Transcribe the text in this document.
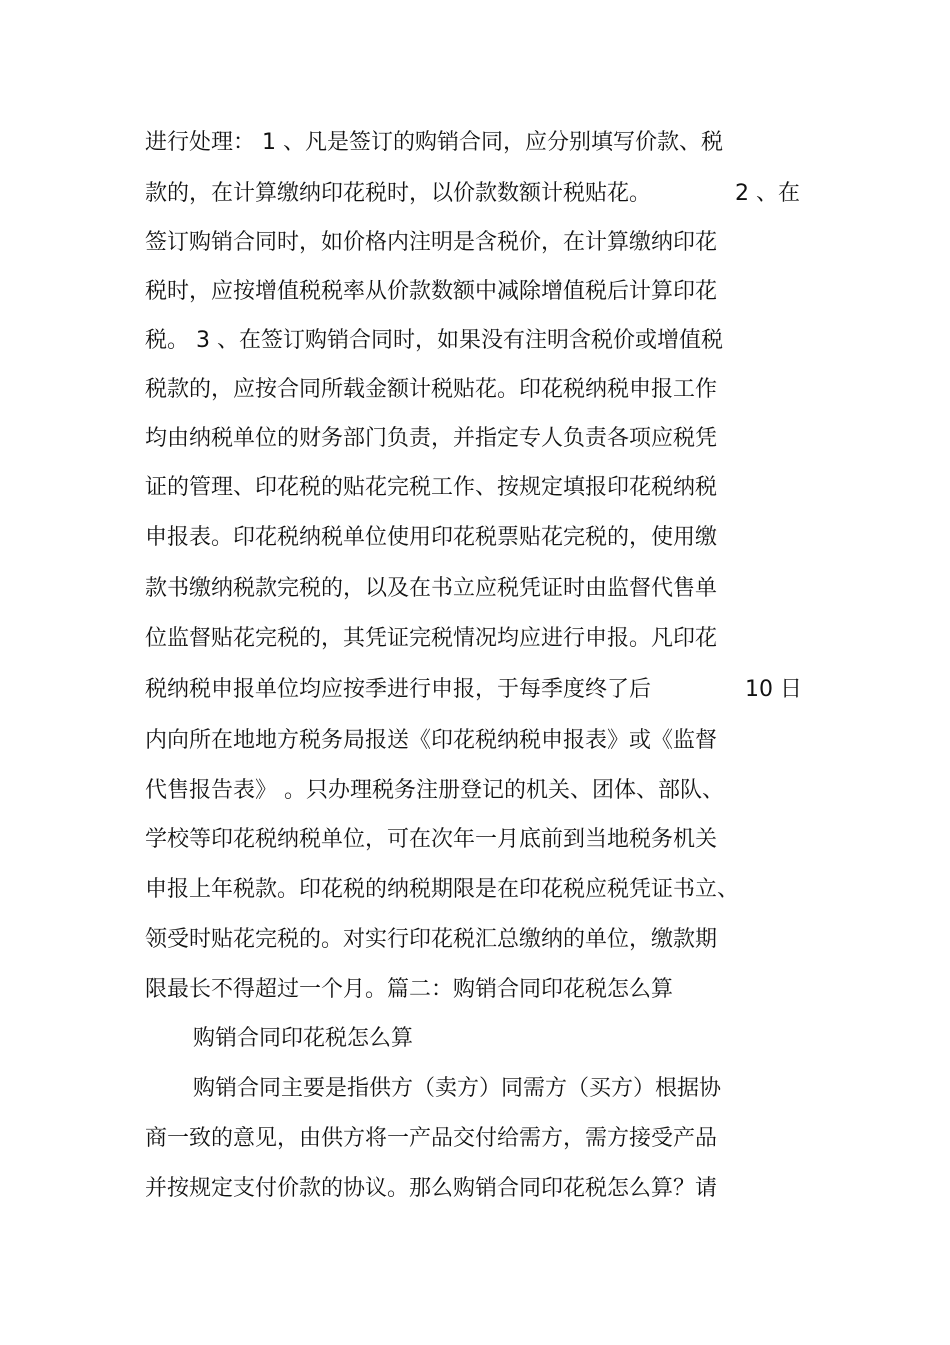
进行处理： 1 、凡是签订的购销合同，应分别填写价款、税
款的，在计算缴纳印花税时，以价款数额计税贴花。	2 、在
签订购销合同时，如价格内注明是含税价，在计算缴纳印花
税时，应按增值税税率从价款数额中减除增值税后计算印花
税。 3 、在签订购销合同时，如果没有注明含税价或增值税
税款的，应按合同所载金额计税贴花。印花税纳税申报工作
均由纳税单位的财务部门负责，并指定专人负责各项应税凭
证的管理、印花税的贴花完税工作、按规定填报印花税纳税
申报表。印花税纳税单位使用印花税票贴花完税的，使用缴
款书缴纳税款完税的，以及在书立应税凭证时由监督代售单
位监督贴花完税的，其凭证完税情况均应进行申报。凡印花
税纳税申报单位均应按季进行申报，于每季度终了后	10 日
内向所在地地方税务局报送《印花税纳税申报表》或《监督
代售报告表》 。只办理税务注册登记的机关、团体、部队、
学校等印花税纳税单位，可在次年一月底前到当地税务机关
申报上年税款。印花税的纳税期限是在印花税应税凭证书立、
领受时贴花完税的。对实行印花税汇总缴纳的单位，缴款期
限最长不得超过一个月。篇二：购销合同印花税怎么算
购销合同印花税怎么算
购销合同主要是指供方（卖方）同需方（买方）根据协
商一致的意见，由供方将一产品交付给需方，需方接受产品
并按规定支付价款的协议。那么购销合同印花税怎么算？请
